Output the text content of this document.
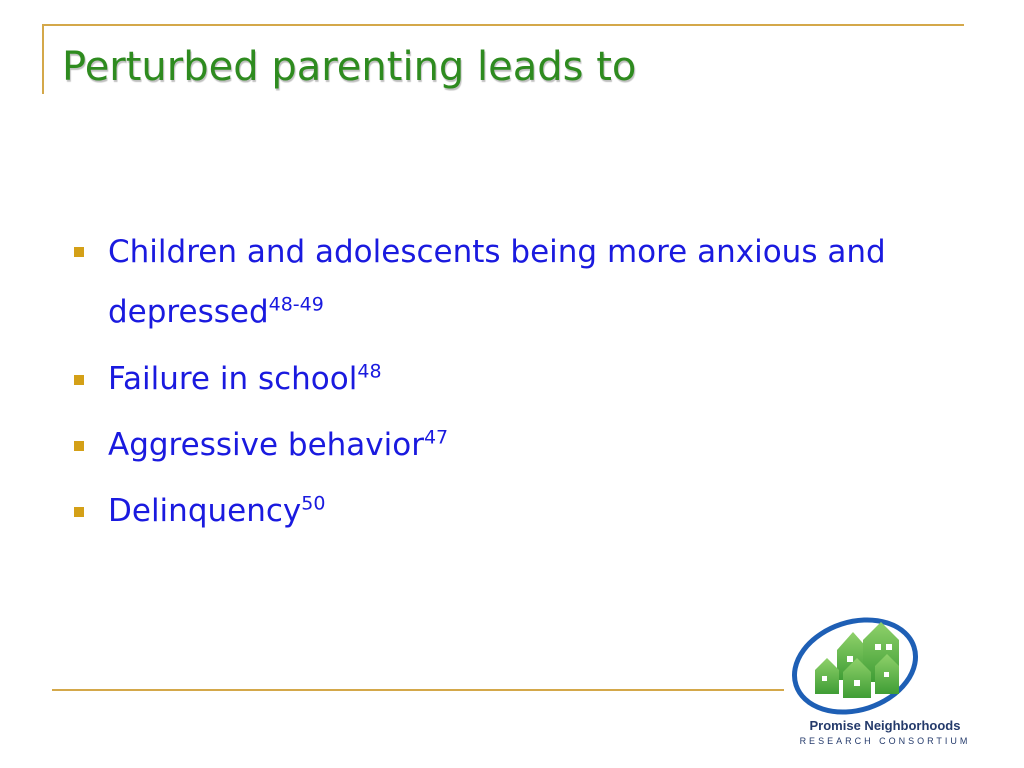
Perturbed parenting leads to
Children and adolescents being more anxious and depressed$^{48-49}$
Failure in school$^{48}$
Aggressive behavior$^{47}$
Delinquency$^{50}$
Promise Neighborhoods
RESEARCH CONSORTIUM
